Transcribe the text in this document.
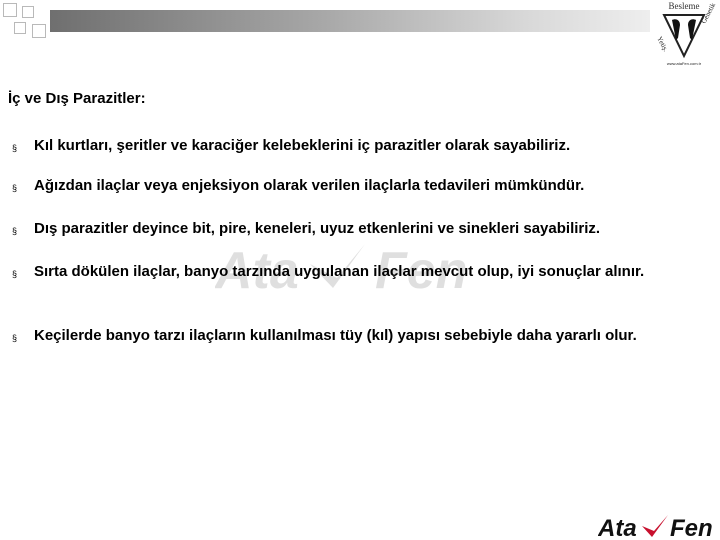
Besleme
Yetiş.
Genetik
www.ataFen.com.tr
İç ve Dış Parazitler:
Ata Fen
§	Kıl kurtları, şeritler ve karaciğer kelebeklerini iç parazitler olarak sayabiliriz.
§	Ağızdan ilaçlar veya enjeksiyon olarak verilen ilaçlarla tedavileri mümkündür.
§	Dış parazitler deyince bit, pire, keneleri, uyuz etkenlerini ve sinekleri sayabiliriz.
§	Sırta dökülen ilaçlar, banyo tarzında uygulanan ilaçlar mevcut olup, iyi sonuçlar alınır.
§	Keçilerde banyo tarzı ilaçların kullanılması tüy (kıl) yapısı sebebiyle daha yararlı olur.
Ata Fen
